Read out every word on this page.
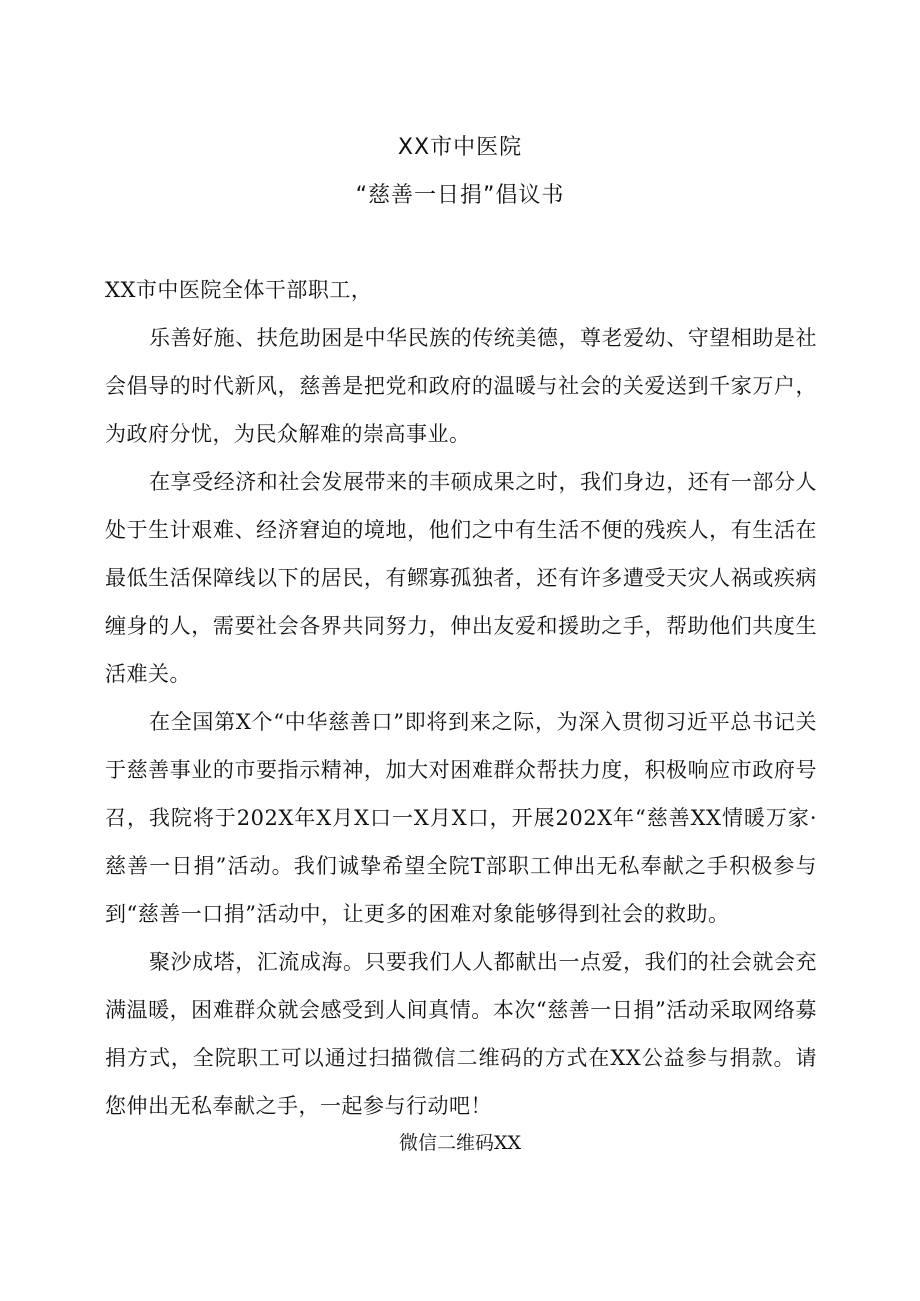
XX市中医院
“慈善一日捐”倡议书
XX市中医院全体干部职工，

乐善好施、扶危助困是中华民族的传统美德，尊老爱幼、守望相助是社会倡导的时代新风，慈善是把党和政府的温暖与社会的关爱送到千家万户，为政府分忧，为民众解难的崇高事业。

在享受经济和社会发展带来的丰硕成果之时，我们身边，还有一部分人处于生计艰难、经济窘迫的境地，他们之中有生活不便的残疾人，有生活在最低生活保障线以下的居民，有鳏寡孤独者，还有许多遭受天灾人祸或疾病缠身的人，需要社会各界共同努力，伸出友爱和援助之手，帮助他们共度生活难关。

在全国第X个“中华慈善口”即将到来之际，为深入贯彻习近平总书记关于慈善事业的市要指示精神，加大对困难群众帮扶力度，积极响应市政府号召，我院将于202X年X月X口一X月X口，开展202X年“慈善XX情暖万家·慈善一日捐”活动。我们诚挚希望全院T部职工伸出无私奉献之手积极参与到“慈善一口捐”活动中，让更多的困难对象能够得到社会的救助。

聚沙成塔，汇流成海。只要我们人人都献出一点爱，我们的社会就会充满温暖，困难群众就会感受到人间真情。本次“慈善一日捐”活动采取网络募捐方式，全院职工可以通过扫描微信二维码的方式在XX公益参与捐款。请您伸出无私奉献之手，一起参与行动吧！

微信二维码XX
